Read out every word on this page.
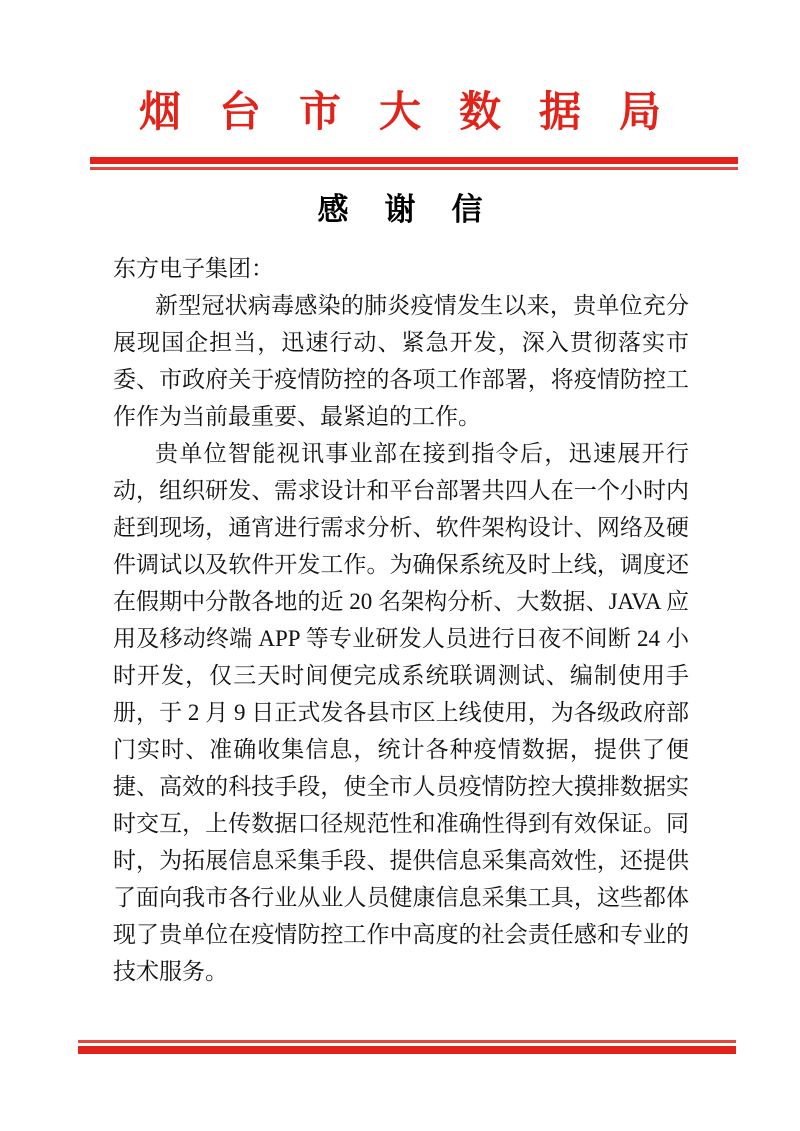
烟台市大数据局
感谢信

东方电子集团：

新型冠状病毒感染的肺炎疫情发生以来，贵单位充分展现国企担当，迅速行动、紧急开发，深入贯彻落实市委、市政府关于疫情防控的各项工作部署，将疫情防控工作作为当前最重要、最紧迫的工作。

贵单位智能视讯事业部在接到指令后，迅速展开行动，组织研发、需求设计和平台部署共四人在一个小时内赶到现场，通宵进行需求分析、软件架构设计、网络及硬件调试以及软件开发工作。为确保系统及时上线，调度还在假期中分散各地的近 20 名架构分析、大数据、JAVA 应用及移动终端 APP 等专业研发人员进行日夜不间断 24 小时开发，仅三天时间便完成系统联调测试、编制使用手册，于 2 月 9 日正式发各县市区上线使用，为各级政府部门实时、准确收集信息，统计各种疫情数据，提供了便捷、高效的科技手段，使全市人员疫情防控大摸排数据实时交互，上传数据口径规范性和准确性得到有效保证。同时，为拓展信息采集手段、提供信息采集高效性，还提供了面向我市各行业从业人员健康信息采集工具，这些都体现了贵单位在疫情防控工作中高度的社会责任感和专业的技术服务。
